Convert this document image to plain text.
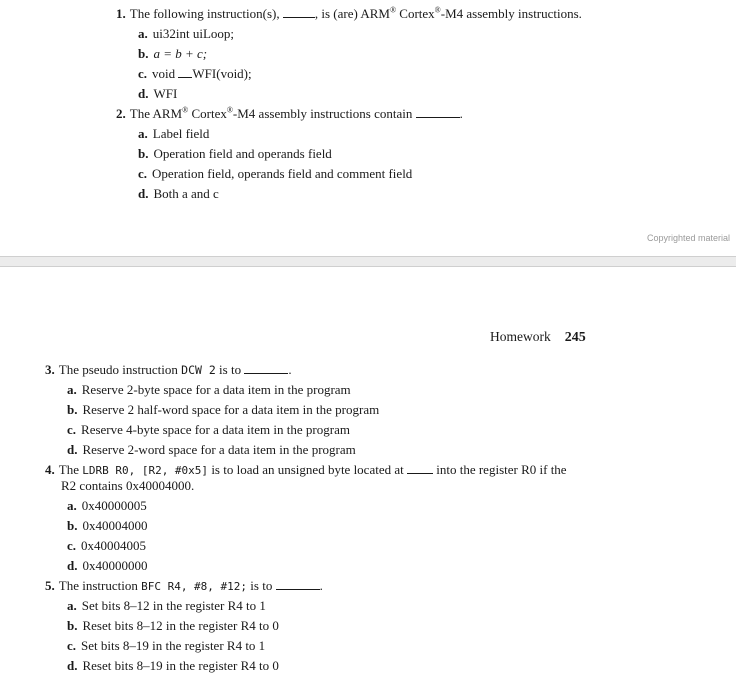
1. The following instruction(s), , is (are) ARM® Cortex®-M4 assembly instructions.
a. ui32int uiLoop;
b. a = b + c;
c. void WFI(void);
d. WFI
2. The ARM® Cortex®-M4 assembly instructions contain	.
a. Label field
b. Operation field and operands field
c. Operation field, operands field and comment field
d. Both a and c
Copyrighted material
Homework 245
3. The pseudo instruction DCW 2 is to	.
a. Reserve 2-byte space for a data item in the program
b. Reserve 2 half-word space for a data item in the program
c. Reserve 4-byte space for a data item in the program
d. Reserve 2-word space for a data item in the program
4. The LDRB R0, [R2, #0x5] is to load an unsigned byte located at  into the register R0 if the
R2 contains 0x40004000.
a. 0x40000005
b. 0x40004000
c. 0x40004005
d. 0x40000000
5. The instruction BFC R4, #8, #12; is to	.
a. Set bits 8–12 in the register R4 to 1
b. Reset bits 8–12 in the register R4 to 0
c. Set bits 8–19 in the register R4 to 1
d. Reset bits 8–19 in the register R4 to 0
